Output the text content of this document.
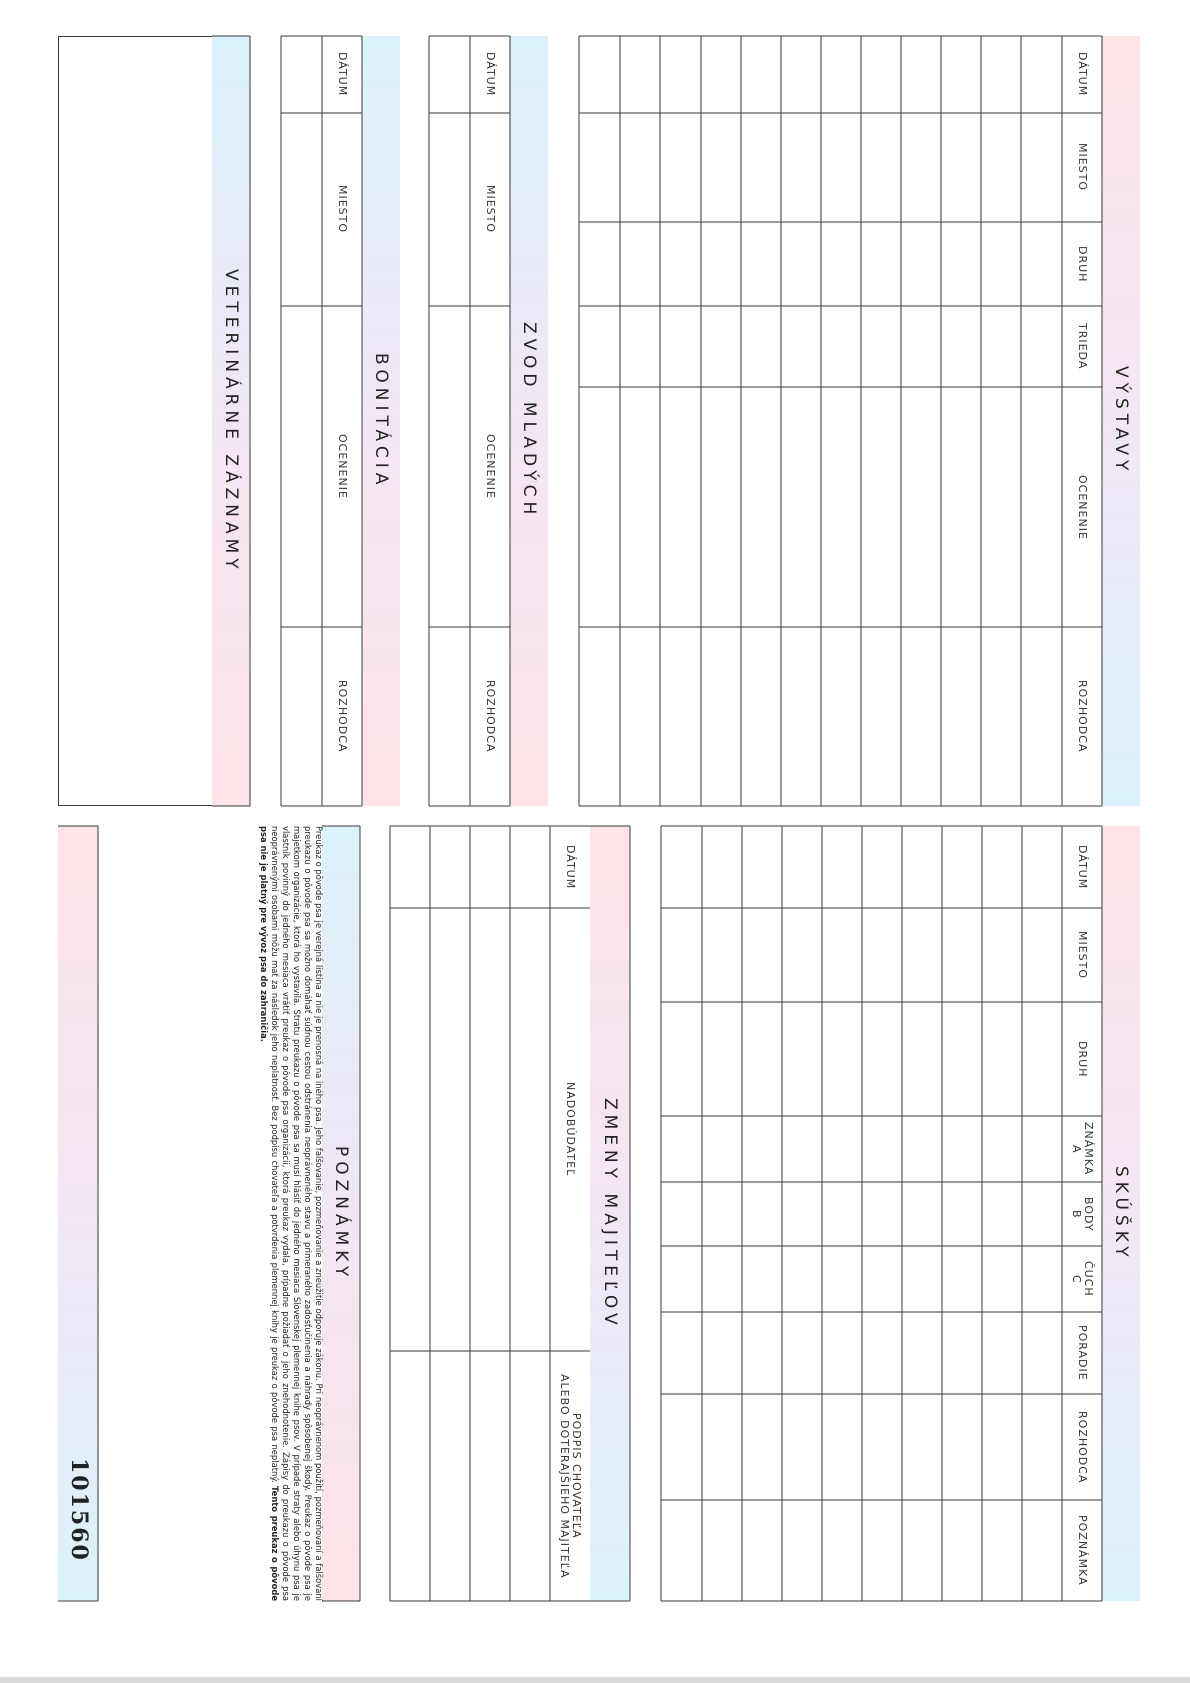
VÝSTAVY
DÁTUM
MIESTO
DRUH
TRIEDA
OCENENIE
ROZHODCA
SKÚŠKY
DÁTUM
MIESTO
DRUH
ZNÁMKA
A
BODY
B
ČUCH
C
PORADIE
ROZHODCA
POZNÁMKA
ZVOD MLADÝCH
DÁTUM
MIESTO
OCENENIE
ROZHODCA
BONITÁCIA
DÁTUM
MIESTO
OCENENIE
ROZHODCA
VETERINÁRNE ZÁZNAMY
ZMENY MAJITEĽOV
DÁTUM
NADOBÚDATEĽ
PODPIS CHOVATEĽA
ALEBO DOTERAJŠIEHO MAJITEĽA
POZNÁMKY
Preukaz o pôvode psa je verejná listina a nie je prenosná na iného psa. Jeho falšovanie, pozmeňovanie a zneužitie odporuje zákonu. Pri neoprávnenom použití, pozmeňovaní a falšovaní preukazu o pôvode psa sa možno domáhať súdnou cestou odstránenia neoprávneného stavu a primeraného zadosťučinenia a náhrady spôsobenej škody. Preukaz o pôvode psa je majetkom organizácie, ktorá ho vystavila. Stratu preukazu o pôvode psa sa musí hlásiť do jedného mesiaca Slovenskej plemennej knihe psov. V prípade straty alebo úhynu psa je vlastník povinný do jedného mesiaca vrátiť preukaz o pôvode psa organizácii, ktorá preukaz vydala, prípadne požiadať o jeho znehodnotenie. Zápisy do preukazu o pôvode psa neoprávnenými osobami môžu mať za následok jeho neplatnosť. Bez podpisu chovateľa a potvrdenia plemennej knihy je preukaz o pôvode psa neplatný. Tento preukaz o pôvode psa nie je platný pre vývoz psa do zahraničia.
101560
